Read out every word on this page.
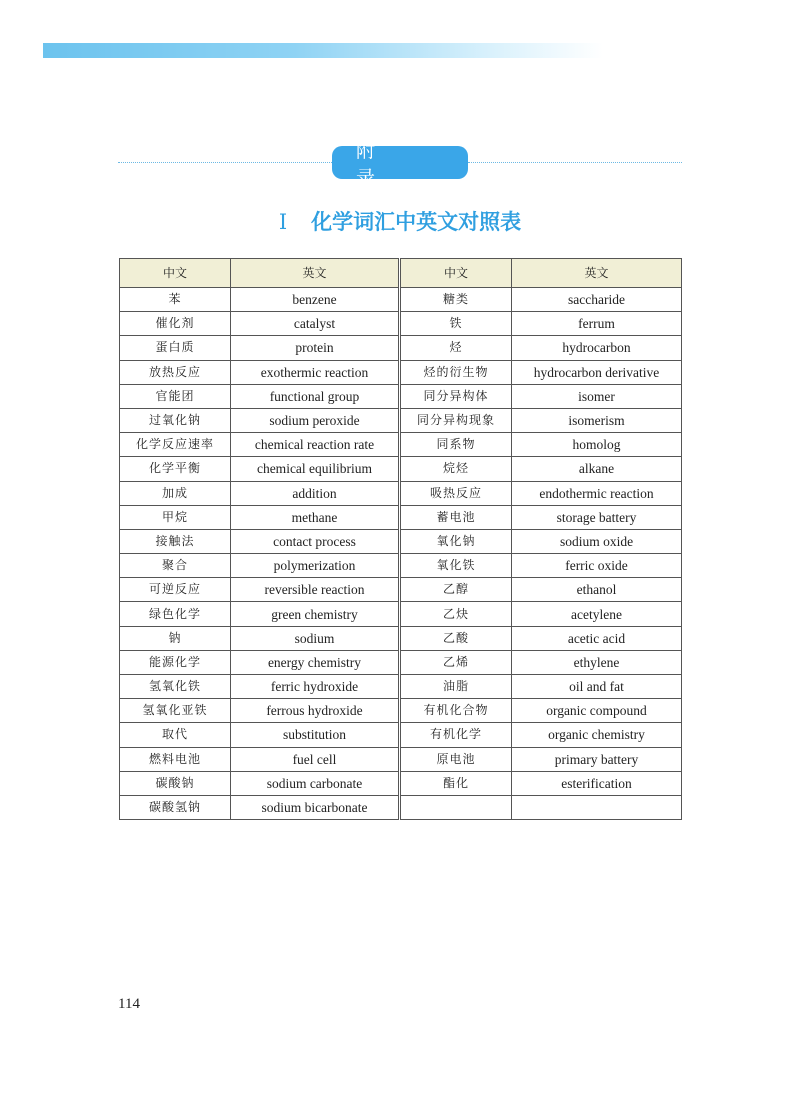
附 录
I 化学词汇中英文对照表
中文	英文	中文	英文
苯	benzene	糖类	saccharide
催化剂	catalyst	铁	ferrum
蛋白质	protein	烃	hydrocarbon
放热反应	exothermic reaction	烃的衍生物	hydrocarbon derivative
官能团	functional group	同分异构体	isomer
过氧化钠	sodium peroxide	同分异构现象	isomerism
化学反应速率	chemical reaction rate	同系物	homolog
化学平衡	chemical equilibrium	烷烃	alkane
加成	addition	吸热反应	endothermic reaction
甲烷	methane	蓄电池	storage battery
接触法	contact process	氧化钠	sodium oxide
聚合	polymerization	氧化铁	ferric oxide
可逆反应	reversible reaction	乙醇	ethanol
绿色化学	green chemistry	乙炔	acetylene
钠	sodium	乙酸	acetic acid
能源化学	energy chemistry	乙烯	ethylene
氢氧化铁	ferric hydroxide	油脂	oil and fat
氢氧化亚铁	ferrous hydroxide	有机化合物	organic compound
取代	substitution	有机化学	organic chemistry
燃料电池	fuel cell	原电池	primary battery
碳酸钠	sodium carbonate	酯化	esterification
碳酸氢钠	sodium bicarbonate		
114
